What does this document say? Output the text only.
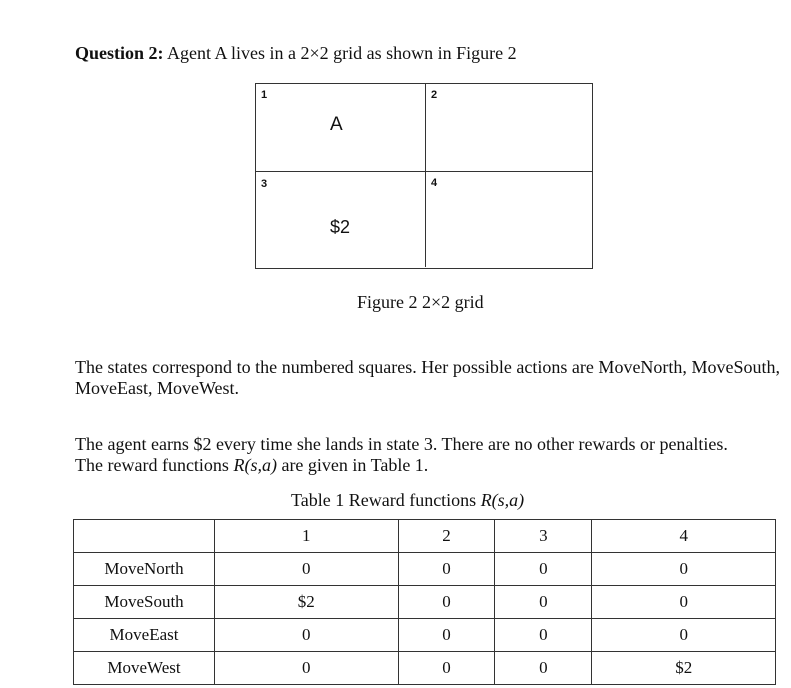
Question 2: Agent A lives in a 2×2 grid as shown in Figure 2
1
A
2
3
$2
4
Figure 2 2×2 grid
The states correspond to the numbered squares. Her possible actions are MoveNorth, MoveSouth, MoveEast, MoveWest.
The agent earns $2 every time she lands in state 3. There are no other rewards or penalties.
The reward functions R(s,a) are given in Table 1.
Table 1 Reward functions R(s,a)
	1	2	3	4
MoveNorth	0	0	0	0
MoveSouth	$2	0	0	0
MoveEast	0	0	0	0
MoveWest	0	0	0	$2
